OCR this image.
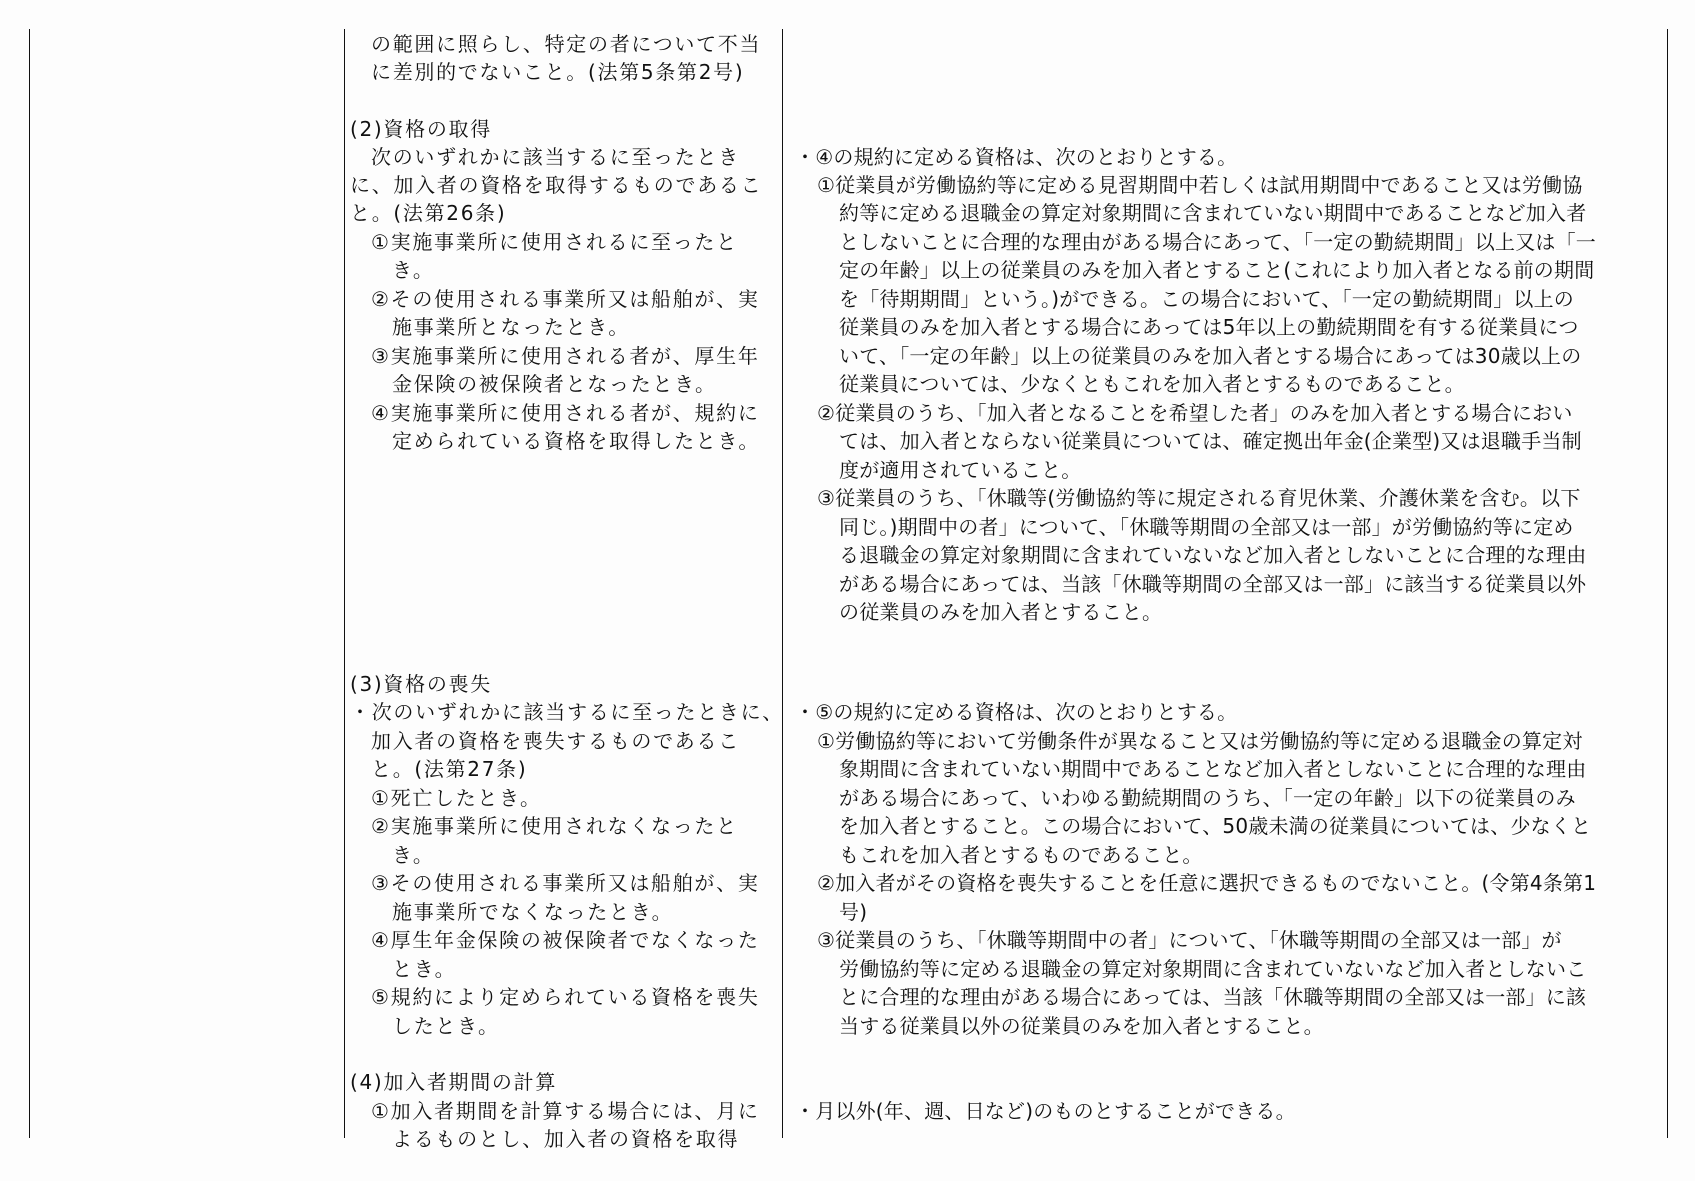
の範囲に照らし、特定の者について不当
に差別的でないこと。(法第5条第2号)
(2)資格の取得
次のいずれかに該当するに至ったとき
に、加入者の資格を取得するものであるこ
と。(法第26条)
①実施事業所に使用されるに至ったと
き。
②その使用される事業所又は船舶が、実
施事業所となったとき。
③実施事業所に使用される者が、厚生年
金保険の被保険者となったとき。
④実施事業所に使用される者が、規約に
定められている資格を取得したとき。
(3)資格の喪失
・次のいずれかに該当するに至ったときに、
加入者の資格を喪失するものであるこ
と。(法第27条)
①死亡したとき。
②実施事業所に使用されなくなったと
き。
③その使用される事業所又は船舶が、実
施事業所でなくなったとき。
④厚生年金保険の被保険者でなくなった
とき。
⑤規約により定められている資格を喪失
したとき。
(4)加入者期間の計算
①加入者期間を計算する場合には、月に
よるものとし、加入者の資格を取得
・④の規約に定める資格は、次のとおりとする。
①従業員が労働協約等に定める見習期間中若しくは試用期間中であること又は労働協
約等に定める退職金の算定対象期間に含まれていない期間中であることなど加入者
としないことに合理的な理由がある場合にあって、「一定の勤続期間」以上又は「一
定の年齢」以上の従業員のみを加入者とすること(これにより加入者となる前の期間
を「待期期間」という。)ができる。この場合において、「一定の勤続期間」以上の
従業員のみを加入者とする場合にあっては5年以上の勤続期間を有する従業員につ
いて、「一定の年齢」以上の従業員のみを加入者とする場合にあっては30歳以上の
従業員については、少なくともこれを加入者とするものであること。
②従業員のうち、「加入者となることを希望した者」のみを加入者とする場合におい
ては、加入者とならない従業員については、確定拠出年金(企業型)又は退職手当制
度が適用されていること。
③従業員のうち、「休職等(労働協約等に規定される育児休業、介護休業を含む。以下
同じ。)期間中の者」について、「休職等期間の全部又は一部」が労働協約等に定め
る退職金の算定対象期間に含まれていないなど加入者としないことに合理的な理由
がある場合にあっては、当該「休職等期間の全部又は一部」に該当する従業員以外
の従業員のみを加入者とすること。
・⑤の規約に定める資格は、次のとおりとする。
①労働協約等において労働条件が異なること又は労働協約等に定める退職金の算定対
象期間に含まれていない期間中であることなど加入者としないことに合理的な理由
がある場合にあって、いわゆる勤続期間のうち、「一定の年齢」以下の従業員のみ
を加入者とすること。この場合において、50歳未満の従業員については、少なくと
もこれを加入者とするものであること。
②加入者がその資格を喪失することを任意に選択できるものでないこと。(令第4条第1
号)
③従業員のうち、「休職等期間中の者」について、「休職等期間の全部又は一部」が
労働協約等に定める退職金の算定対象期間に含まれていないなど加入者としないこ
とに合理的な理由がある場合にあっては、当該「休職等期間の全部又は一部」に該
当する従業員以外の従業員のみを加入者とすること。
・月以外(年、週、日など)のものとすることができる。
